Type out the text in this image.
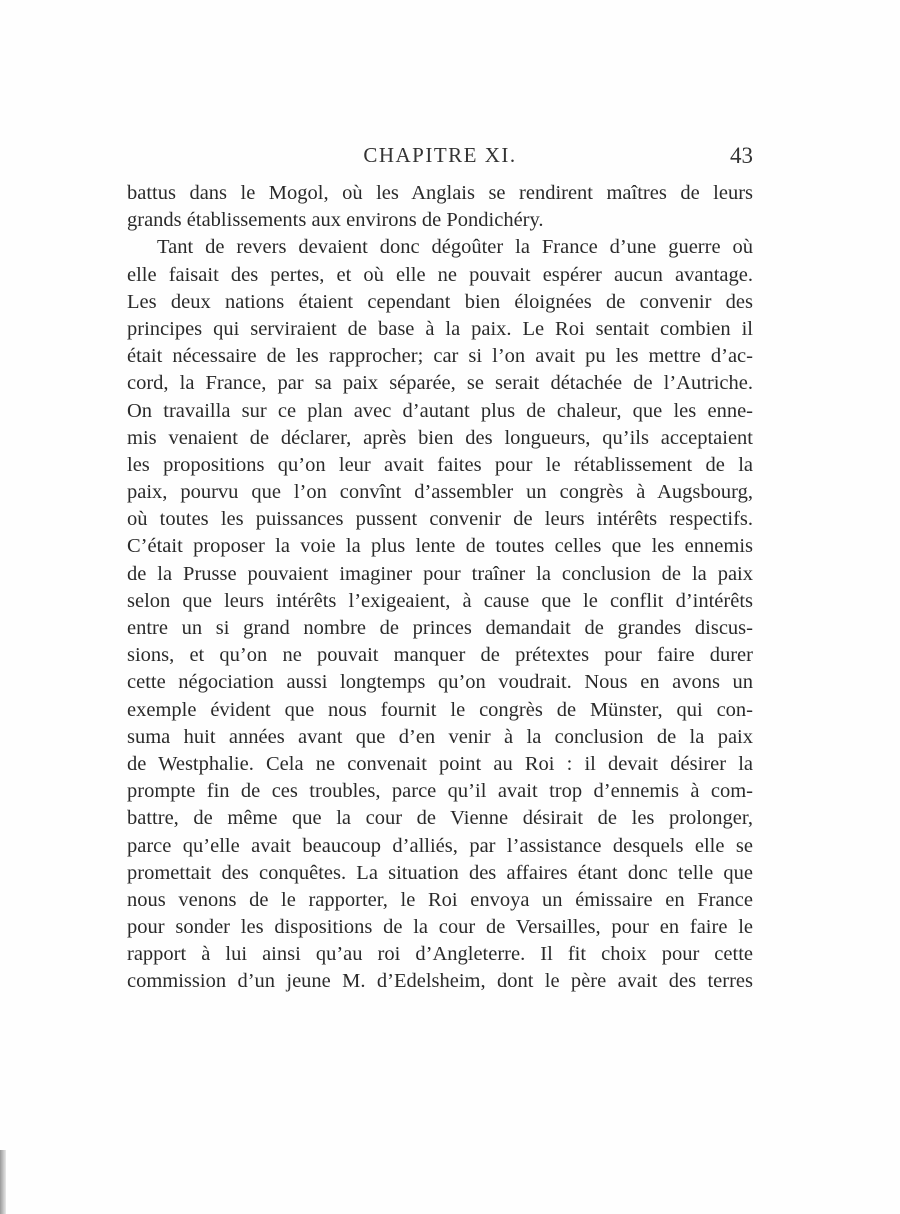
CHAPITRE XI.	43
battus dans le Mogol, où les Anglais se rendirent maîtres de leurs
grands établissements aux environs de Pondichéry.
Tant de revers devaient donc dégoûter la France d’une guerre où
elle faisait des pertes, et où elle ne pouvait espérer aucun avantage.
Les deux nations étaient cependant bien éloignées de convenir des
principes qui serviraient de base à la paix. Le Roi sentait combien il
était nécessaire de les rapprocher; car si l’on avait pu les mettre d’ac-
cord, la France, par sa paix séparée, se serait détachée de l’Autriche.
On travailla sur ce plan avec d’autant plus de chaleur, que les enne-
mis venaient de déclarer, après bien des longueurs, qu’ils acceptaient
les propositions qu’on leur avait faites pour le rétablissement de la
paix, pourvu que l’on convînt d’assembler un congrès à Augsbourg,
où toutes les puissances pussent convenir de leurs intérêts respectifs.
C’était proposer la voie la plus lente de toutes celles que les ennemis
de la Prusse pouvaient imaginer pour traîner la conclusion de la paix
selon que leurs intérêts l’exigeaient, à cause que le conflit d’intérêts
entre un si grand nombre de princes demandait de grandes discus-
sions, et qu’on ne pouvait manquer de prétextes pour faire durer
cette négociation aussi longtemps qu’on voudrait. Nous en avons un
exemple évident que nous fournit le congrès de Münster, qui con-
suma huit années avant que d’en venir à la conclusion de la paix
de Westphalie. Cela ne convenait point au Roi : il devait désirer la
prompte fin de ces troubles, parce qu’il avait trop d’ennemis à com-
battre, de même que la cour de Vienne désirait de les prolonger,
parce qu’elle avait beaucoup d’alliés, par l’assistance desquels elle se
promettait des conquêtes. La situation des affaires étant donc telle que
nous venons de le rapporter, le Roi envoya un émissaire en France
pour sonder les dispositions de la cour de Versailles, pour en faire le
rapport à lui ainsi qu’au roi d’Angleterre. Il fit choix pour cette
commission d’un jeune M. d’Edelsheim, dont le père avait des terres
